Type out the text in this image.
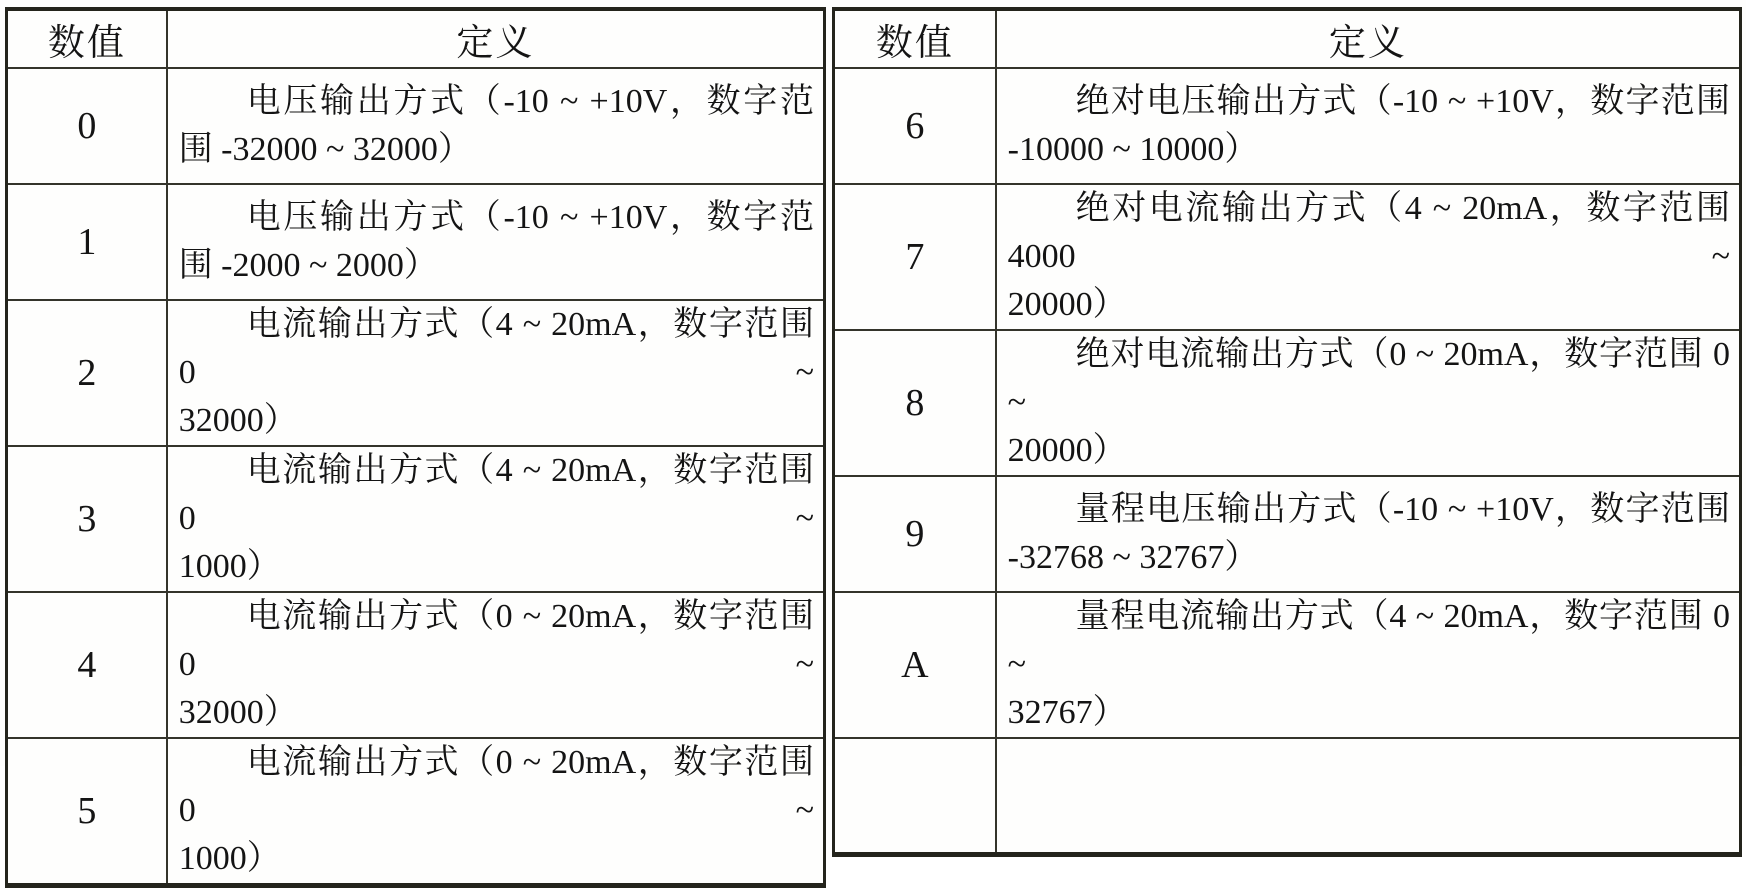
数值	定义
0	电压输出方式（-10 ~ +10V，数字范
围 -32000 ~ 32000）

1	电压输出方式（-10 ~ +10V，数字范
围 -2000 ~ 2000）

2	电流输出方式（4 ~ 20mA，数字范围 0 ~
32000）

3	电流输出方式（4 ~ 20mA，数字范围 0 ~
1000）

4	电流输出方式（0 ~ 20mA，数字范围 0 ~
32000）

5	电流输出方式（0 ~ 20mA，数字范围 0 ~
1000）
数值	定义
6	绝对电压输出方式（-10 ~ +10V，数字范围
-10000 ~ 10000）

7	绝对电流输出方式（4 ~ 20mA，数字范围 4000 ~
20000）

8	绝对电流输出方式（0 ~ 20mA，数字范围 0 ~
20000）

9	量程电压输出方式（-10 ~ +10V，数字范围
-32768 ~ 32767）

A	量程电流输出方式（4 ~ 20mA，数字范围 0 ~
32767）
